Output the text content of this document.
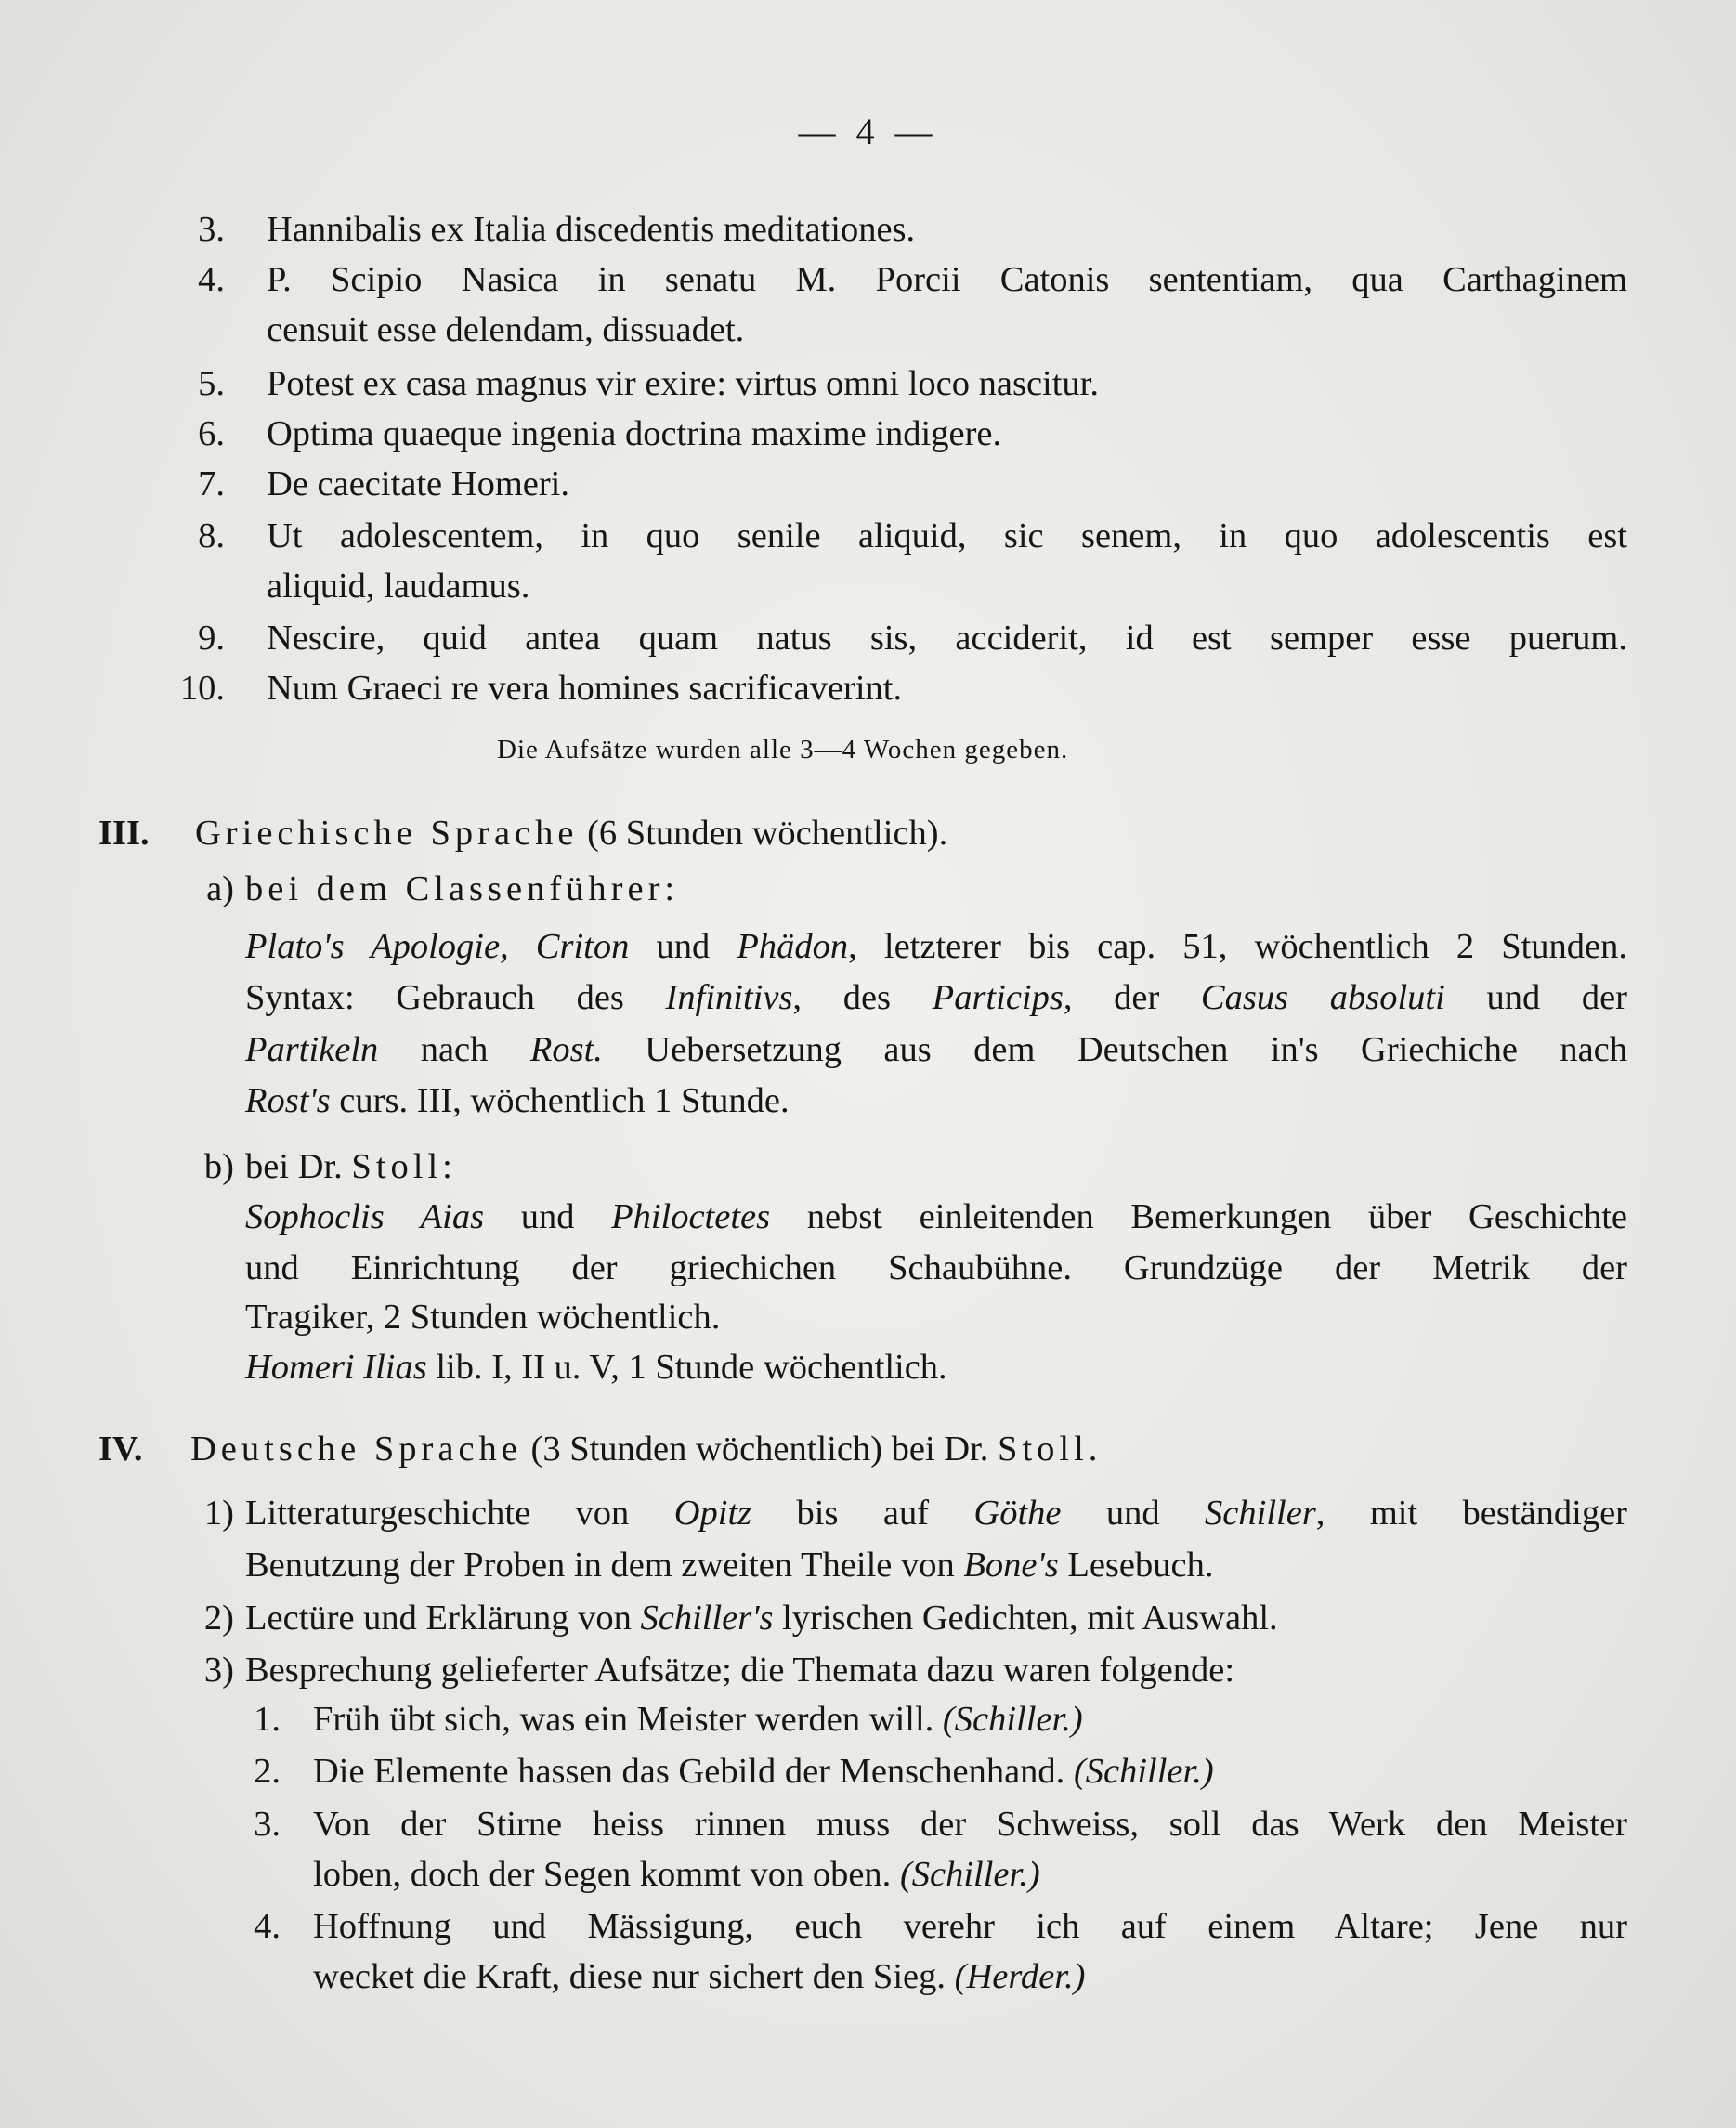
— 4 —
3. Hannibalis ex Italia discedentis meditationes.
4. P. Scipio Nasica in senatu M. Porcii Catonis sententiam, qua Carthaginem
censuit esse delendam, dissuadet.
5. Potest ex casa magnus vir exire: virtus omni loco nascitur.
6. Optima quaeque ingenia doctrina maxime indigere.
7. De caecitate Homeri.
8. Ut adolescentem, in quo senile aliquid, sic senem, in quo adolescentis est
aliquid, laudamus.
9. Nescire, quid antea quam natus sis, acciderit, id est semper esse puerum.
10. Num Graeci re vera homines sacrificaverint.
Die Aufsätze wurden alle 3—4 Wochen gegeben.
III. Griechische Sprache (6 Stunden wöchentlich).
a) bei dem Classenführer:
Plato's Apologie, Criton und Phädon, letzterer bis cap. 51, wöchentlich 2 Stunden.
Syntax: Gebrauch des Infinitivs, des Particips, der Casus absoluti und der
Partikeln nach Rost. Uebersetzung aus dem Deutschen in's Griechiche nach
Rost's curs. III, wöchentlich 1 Stunde.
b) bei Dr. Stoll:
Sophoclis Aias und Philoctetes nebst einleitenden Bemerkungen über Geschichte
und Einrichtung der griechichen Schaubühne. Grundzüge der Metrik der
Tragiker, 2 Stunden wöchentlich.
Homeri Ilias lib. I, II u. V, 1 Stunde wöchentlich.
IV. Deutsche Sprache (3 Stunden wöchentlich) bei Dr. Stoll.
1) Litteraturgeschichte von Opitz bis auf Göthe und Schiller, mit beständiger
Benutzung der Proben in dem zweiten Theile von Bone's Lesebuch.
2) Lectüre und Erklärung von Schiller's lyrischen Gedichten, mit Auswahl.
3) Besprechung gelieferter Aufsätze; die Themata dazu waren folgende:
1. Früh übt sich, was ein Meister werden will. (Schiller.)
2. Die Elemente hassen das Gebild der Menschenhand. (Schiller.)
3. Von der Stirne heiss rinnen muss der Schweiss, soll das Werk den Meister
loben, doch der Segen kommt von oben. (Schiller.)
4. Hoffnung und Mässigung, euch verehr ich auf einem Altare; Jene nur
wecket die Kraft, diese nur sichert den Sieg. (Herder.)
